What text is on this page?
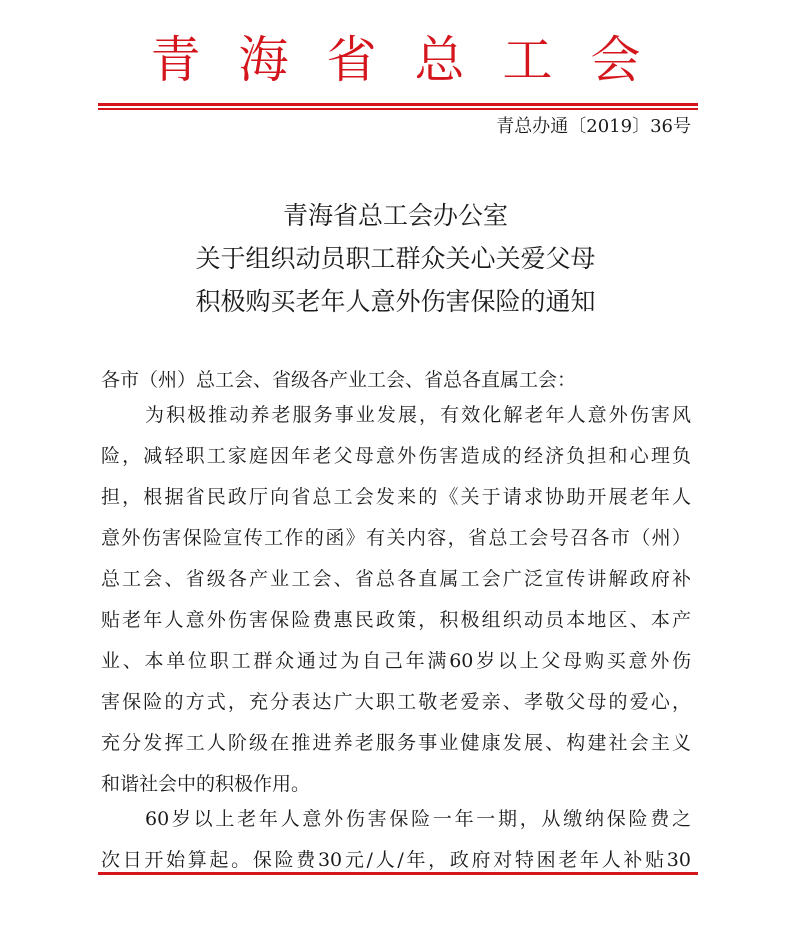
青海省总工会
青总办通〔2019〕36号
青海省总工会办公室
关于组织动员职工群众关心关爱父母
积极购买老年人意外伤害保险的通知
各市（州）总工会、省级各产业工会、省总各直属工会：
为积极推动养老服务事业发展，有效化解老年人意外伤害风
险，减轻职工家庭因年老父母意外伤害造成的经济负担和心理负
担，根据省民政厅向省总工会发来的《关于请求协助开展老年人
意外伤害保险宣传工作的函》有关内容，省总工会号召各市（州）
总工会、省级各产业工会、省总各直属工会广泛宣传讲解政府补
贴老年人意外伤害保险费惠民政策，积极组织动员本地区、本产
业、本单位职工群众通过为自己年满60岁以上父母购买意外伤
害保险的方式，充分表达广大职工敬老爱亲、孝敬父母的爱心，
充分发挥工人阶级在推进养老服务事业健康发展、构建社会主义
和谐社会中的积极作用。
60岁以上老年人意外伤害保险一年一期，从缴纳保险费之
次日开始算起。保险费30元/人/年，政府对特困老年人补贴30
